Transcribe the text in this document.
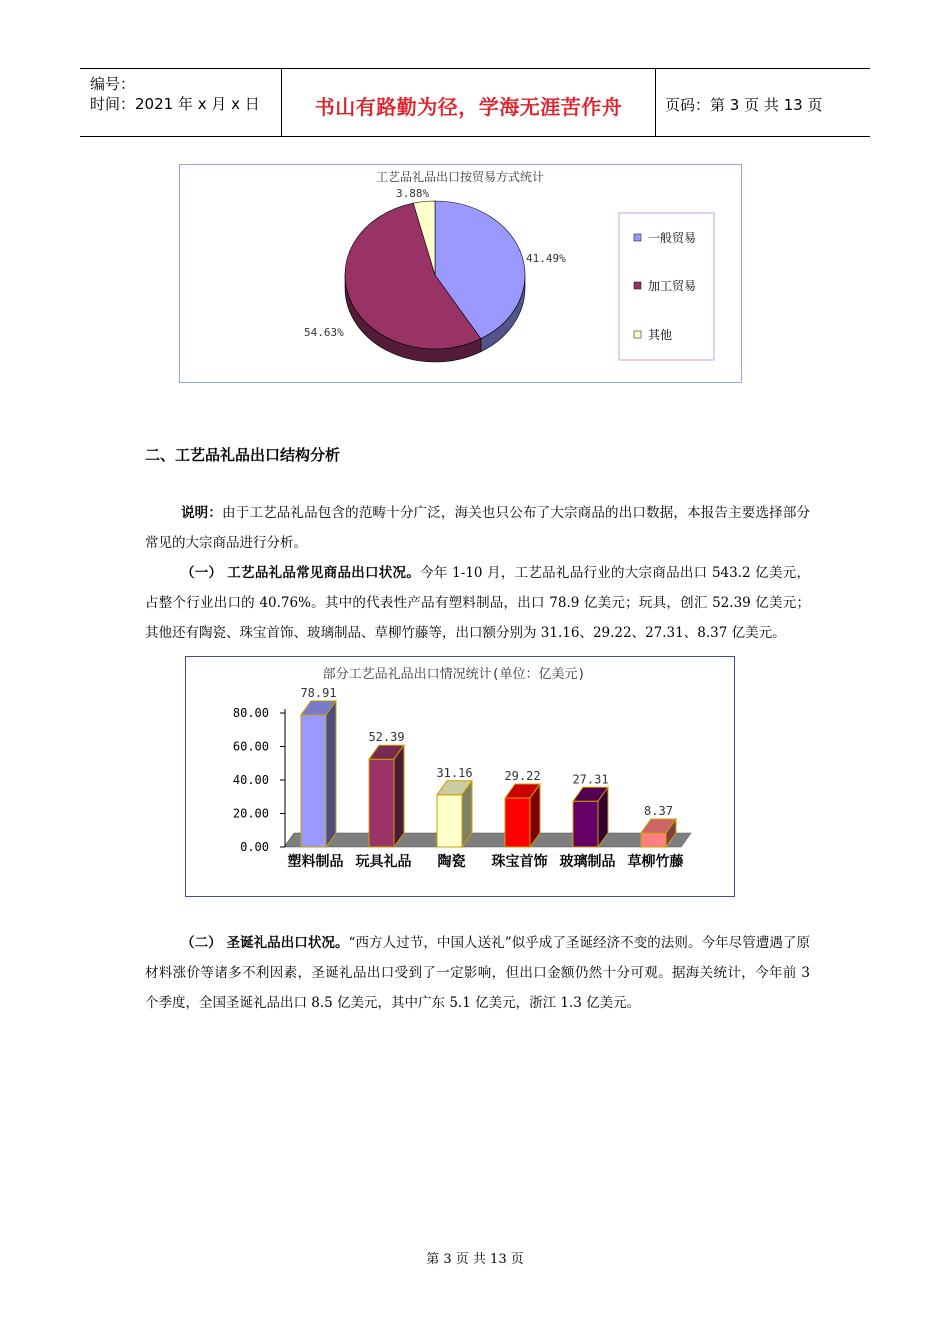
编号：
时间：2021 年 x 月 x 日	书山有路勤为径，学海无涯苦作舟	页码：第 3 页 共 13 页
工艺品礼品出口按贸易方式统计
41.49%
54.63%
3.88%
一般贸易
加工贸易
其他
二、工艺品礼品出口结构分析
说明：由于工艺品礼品包含的范畴十分广泛，海关也只公布了大宗商品的出口数据，本报告主要选择部分常见的大宗商品进行分析。
（一） 工艺品礼品常见商品出口状况。今年 1-10 月，工艺品礼品行业的大宗商品出口 543.2 亿美元，占整个行业出口的 40.76%。其中的代表性产品有塑料制品，出口 78.9 亿美元；玩具，创汇 52.39 亿美元；其他还有陶瓷、珠宝首饰、玻璃制品、草柳竹藤等，出口额分别为 31.16、29.22、27.31、8.37 亿美元。
部分工艺品礼品出口情况统计(单位：亿美元)
0.00
20.00
40.00
60.00
80.00
78.91
52.39
31.16	29.22	27.31
8.37
塑料制品 玩具礼品 陶瓷 珠宝首饰 玻璃制品 草柳竹藤
（二） 圣诞礼品出口状况。“西方人过节，中国人送礼”似乎成了圣诞经济不变的法则。今年尽管遭遇了原材料涨价等诸多不利因素，圣诞礼品出口受到了一定影响，但出口金额仍然十分可观。据海关统计，今年前 3 个季度，全国圣诞礼品出口 8.5 亿美元，其中广东 5.1 亿美元，浙江 1.3 亿美元。
第 3 页 共 13 页
